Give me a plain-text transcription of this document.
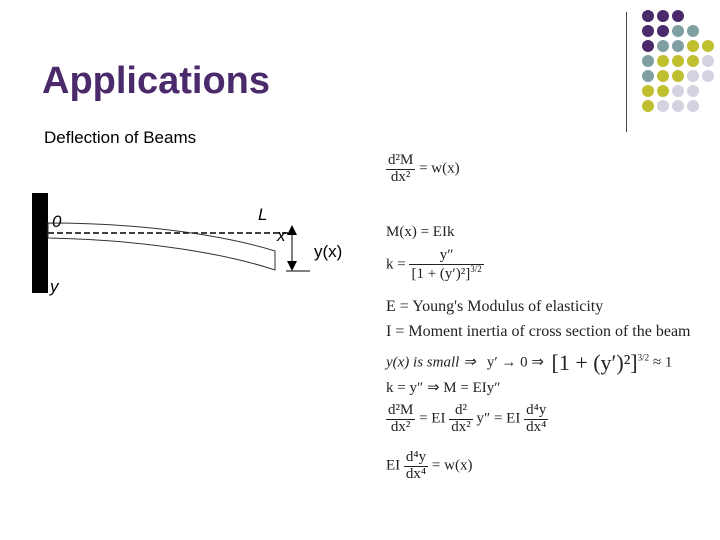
Applications
Deflection of Beams
0	L
x
y(x)
y
$\frac{\text{d²M}}{\text{dx²}} = w(x)$
M(x) = EIk
$k = \frac{y''}{[1 + (y')^2]^{3/2}}$
E = Young's Modulus of elasticity
I = Moment inertia of cross section of the beam
y(x) is small ⇒ y′ → 0 ⇒ $[1 + (y')^2]^{3/2} \approx 1$
k = y″ ⇒ M = EIy″
$\frac{\text{d²M}}{\text{dx²}}$ = EI $\frac{\text{d²}}{\text{dx²}} y''$ = EI $\frac{\text{d⁴y}}{\text{dx⁴}}$
EI $\frac{\text{d⁴y}}{\text{dx⁴}} = w(x)$
